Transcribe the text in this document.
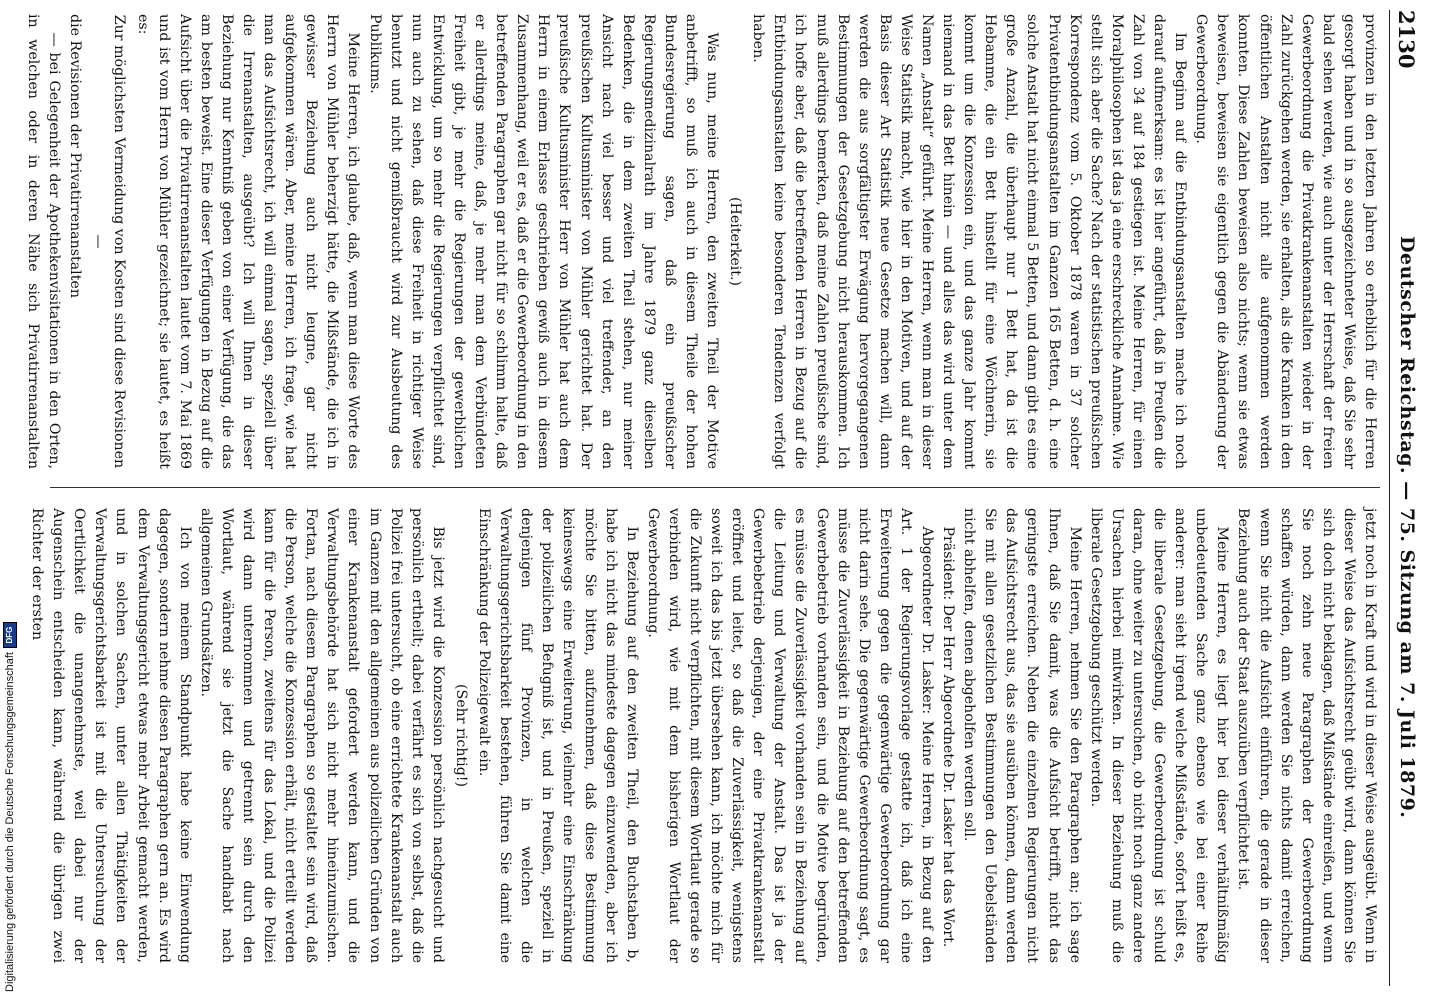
2130
Deutscher Reichstag. — 75. Sitzung am 7. Juli 1879.

provinzen in den letzten Jahren so erheblich für die Herren gesorgt haben und in so ausgezeichneter Weise, daß Sie sehr bald sehen werden, wie auch unter der Herrschaft der freien Gewerbeordnung die Privatkrankenanstalten wieder in der Zahl zurückgehen werden, sie erhalten, als die Kranken in den öffentlichen Anstalten nicht alle aufgenommen werden konnten. Diese Zahlen beweisen also nichts; wenn sie etwas beweisen, beweisen sie eigentlich gegen die Abänderung der Gewerbeordnung.

Im Beginn auf die Entbindungsanstalten mache ich noch darauf aufmerksam: es ist hier angeführt, daß in Preußen die Zahl von 34 auf 184 gestiegen ist. Meine Herren, für einen Moralphilosophen ist das ja eine erschreckliche Annahme. Wie stellt sich aber die Sache? Nach der statistischen preußischen Korrespondenz vom 5. Oktober 1878 waren in 37 solcher Privatentbindungsanstalten im Ganzen 165 Betten, d. h. eine solche Anstalt hat nicht einmal 5 Betten, und dann gibt es eine große Anzahl, die überhaupt nur 1 Bett hat, da ist die Hebamme, die ein Bett hinstellt für eine Wöchnerin, sie kommt um die Konzession ein, und das ganze Jahr kommt niemand in das Bett hinein — und alles das wird unter dem Namen „Anstalt“ geführt. Meine Herren, wenn man in dieser Weise Statistik macht, wie hier in den Motiven, und auf der Basis dieser Art Statistik neue Gesetze machen will, dann werden die aus sorgfältigster Erwägung hervorgegangenen Bestimmungen der Gesetzgebung nicht herauskommen. Ich muß allerdings bemerken, daß meine Zahlen preußische sind, ich hoffe aber, daß die betreffenden Herren in Bezug auf die Entbindungsanstalten keine besonderen Tendenzen verfolgt haben.

(Heiterkeit.)

Was nun, meine Herren, den zweiten Theil der Motive anbetrifft, so muß ich auch in diesem Theile der hohen Bundesregierung sagen, daß ein preußischer Regierungsmedizinalrath im Jahre 1879 ganz dieselben Bedenken, die in dem zweiten Theil stehen, nur meiner Ansicht nach viel besser und viel treffender, an den preußischen Kultusminister von Mühler gerichtet hat. Der preußische Kultusminister Herr von Mühler hat auch dem Herrn in einem Erlasse geschrieben gewiß auch in diesem Zusammenhang, weil er es, daß er die Gewerbeordnung in den betreffenden Paragraphen gar nicht für so schlimm halte, daß er allerdings meine, daß, je mehr man dem Verbündeten Freiheit gibt, je mehr die Regierungen der gewerblichen Entwicklung, um so mehr die Regierungen verpflichtet sind, nun auch zu sehen, daß diese Freiheit in richtiger Weise benutzt und nicht gemißbraucht wird zur Ausbeutung des Publikums.

Meine Herren, ich glaube, daß, wenn man diese Worte des Herrn von Mühler beherzigt hätte, die Mißstände, die ich in gewisser Beziehung auch nicht leugne, gar nicht aufgekommen wären. Aber, meine Herren, ich frage, wie hat man das Aufsichtsrecht, ich will einmal sagen, speziell über die Irrenanstalten, ausgeübt? Ich will Ihnen in dieser Beziehung nur Kenntniß geben von einer Verfügung, die das am besten beweist. Eine dieser Verfügungen in Bezug auf die Aufsicht über die Privatirrenanstalten lautet vom 7. Mai 1869 und ist vom Herrn von Mühler gezeichnet; sie lautet, es heißt es:

Zur möglichsten Vermeidung von Kosten sind diese Revisionen —

die Revisionen der Privatirrenanstalten

— bei Gelegenheit der Apothekenvisitationen in den Orten, in welchen oder in deren Nähe sich Privatirrenanstalten

jetzt noch in Kraft und wird in dieser Weise ausgeübt. Wenn in dieser Weise das Aufsichtsrecht geübt wird, dann können Sie sich doch nicht beklagen, daß Mißstände einreißen, und wenn Sie noch zehn neue Paragraphen der Gewerbeordnung schaffen würden, dann werden Sie nichts damit erreichen, wenn Sie nicht die Aufsicht einführen, die gerade in dieser Beziehung auch der Staat auszuüben verpflichtet ist.

Meine Herren, es liegt hier bei dieser verhältnißmäßig unbedeutenden Sache ganz ebenso wie bei einer Reihe anderer: man sieht irgend welche Mißstände, sofort heißt es, die liberale Gesetzgebung, die Gewerbeordnung ist schuld daran, ohne weiter zu untersuchen, ob nicht noch ganz andere Ursachen hierbei mitwirken. In dieser Beziehung muß die liberale Gesetzgebung geschützt werden.

Meine Herren, nehmen Sie den Paragraphen an; ich sage Ihnen, daß Sie damit, was die Aufsicht betrifft, nicht das geringste erreichen. Neben die einzelnen Regierungen nicht das Aufsichtsrecht aus, das sie ausüben können, dann werden Sie mit allen gesetzlichen Bestimmungen den Uebelständen nicht abhelfen, denen abgeholfen werden soll.

Präsident: Der Herr Abgeordnete Dr. Lasker hat das Wort.

Abgeordneter Dr. Lasker: Meine Herren, in Bezug auf den Art. 1 der Regierungsvorlage gestatte ich, daß ich eine Erweiterung gegen die gegenwärtige Gewerbeordnung gar nicht darin sehe. Die gegenwärtige Gewerbeordnung sagt, es müsse die Zuverlässigkeit in Beziehung auf den betreffenden Gewerbebetrieb vorhanden sein, und die Motive begründen, es müsse die Zuverlässigkeit vorhanden sein in Beziehung auf die Leitung und Verwaltung der Anstalt. Das ist ja der Gewerbebetrieb derjenigen, der eine Privatkrankenanstalt eröffnet und leitet, so daß die Zuverlässigkeit, wenigstens soweit ich das bis jetzt übersehen kann, ich möchte mich für die Zukunft nicht verpflichten, mit diesem Wortlaut gerade so verbinden wird, wie mit dem bisherigen Wortlaut der Gewerbeordnung.

In Beziehung auf den zweiten Theil, den Buchstaben b, habe ich nicht das mindeste dagegen einzuwenden, aber ich möchte Sie bitten, aufzunehmen, daß diese Bestimmung keineswegs eine Erweiterung, vielmehr eine Einschränkung der polizeilichen Befugniß ist, und in Preußen, speziell in denjenigen fünf Provinzen, in welchen die Verwaltungsgerichtsbarkeit bestehen, führen Sie damit eine Einschränkung der Polizeigewalt ein.

(Sehr richtig!)

Bis jetzt wird die Konzession persönlich nachgesucht und persönlich ertheilt; dabei verfährt es sich von selbst, daß die Polizei frei untersucht, ob eine errichtete Krankenanstalt auch im Ganzen mit den allgemeinen aus polizeilichen Gründen von einer Krankenanstalt gefordert werden kann, und die Verwaltungsbehörde hat sich nicht mehr hineinzumischen. Fortan, nach diesem Paragraphen so gestaltet sein wird, daß die Person, welche die Konzession erhält, nicht erteilt werden kann für die Person, zweitens für das Lokal, und die Polizei wird dann unternommen und getrennt sein durch den Wortlaut, während sie jetzt die Sache handhabt nach allgemeinen Grundsätzen.

Ich von meinem Standpunkt habe keine Einwendung dagegen, sondern nehme diesen Paragraphen gern an. Es wird dem Verwaltungsgericht etwas mehr Arbeit gemacht werden, und in solchen Sachen, unter allen Thätigkeiten der Verwaltungsgerichtsbarkeit ist mit die Untersuchung der Oertlichkeit die unangenehmste, weil dabei nur der Augenschein entscheiden kann, während die übrigen zwei Richter der ersten

Digitalisierung gefördert durch die Deutsche Forschungsgemeinschaft
DFG
